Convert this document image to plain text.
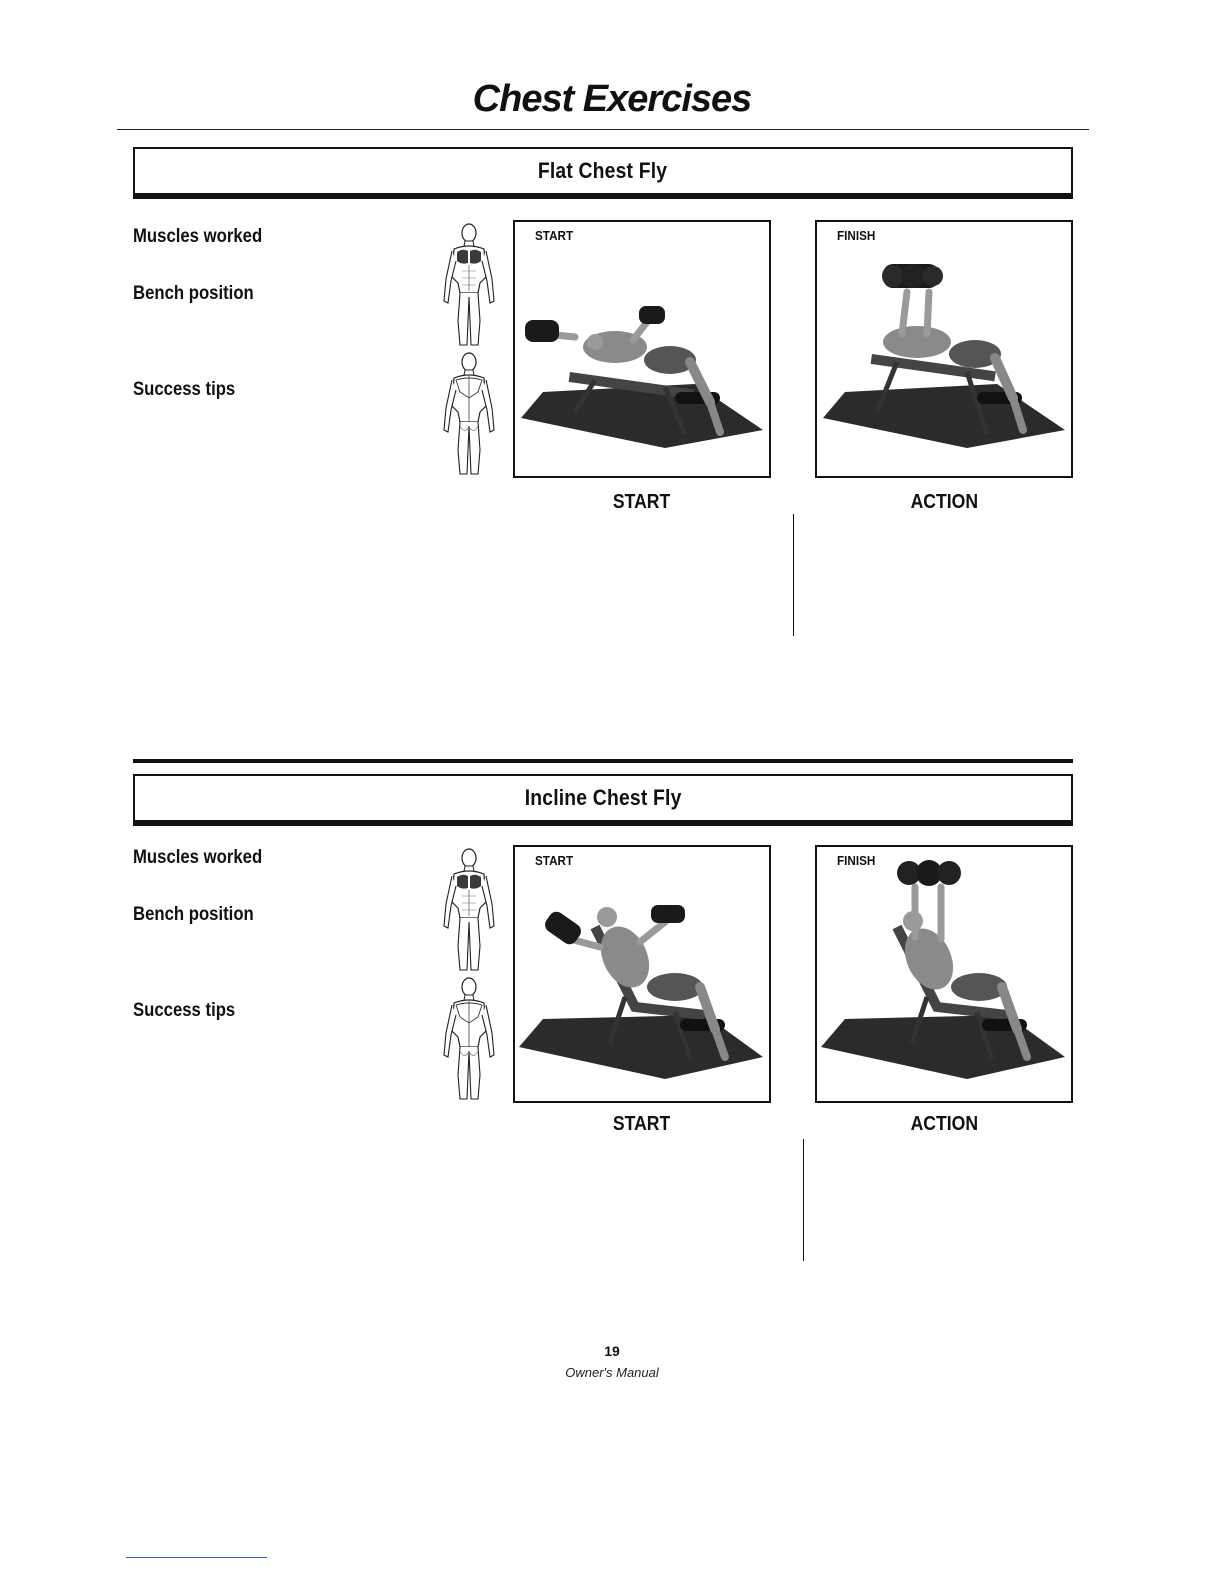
Chest Exercises
Flat Chest Fly
Muscles worked
Bench position
Success tips
START	FINISH
START	ACTION
Incline Chest Fly
Muscles worked
Bench position
Success tips
START	FINISH
START	ACTION
19
Owner's Manual
